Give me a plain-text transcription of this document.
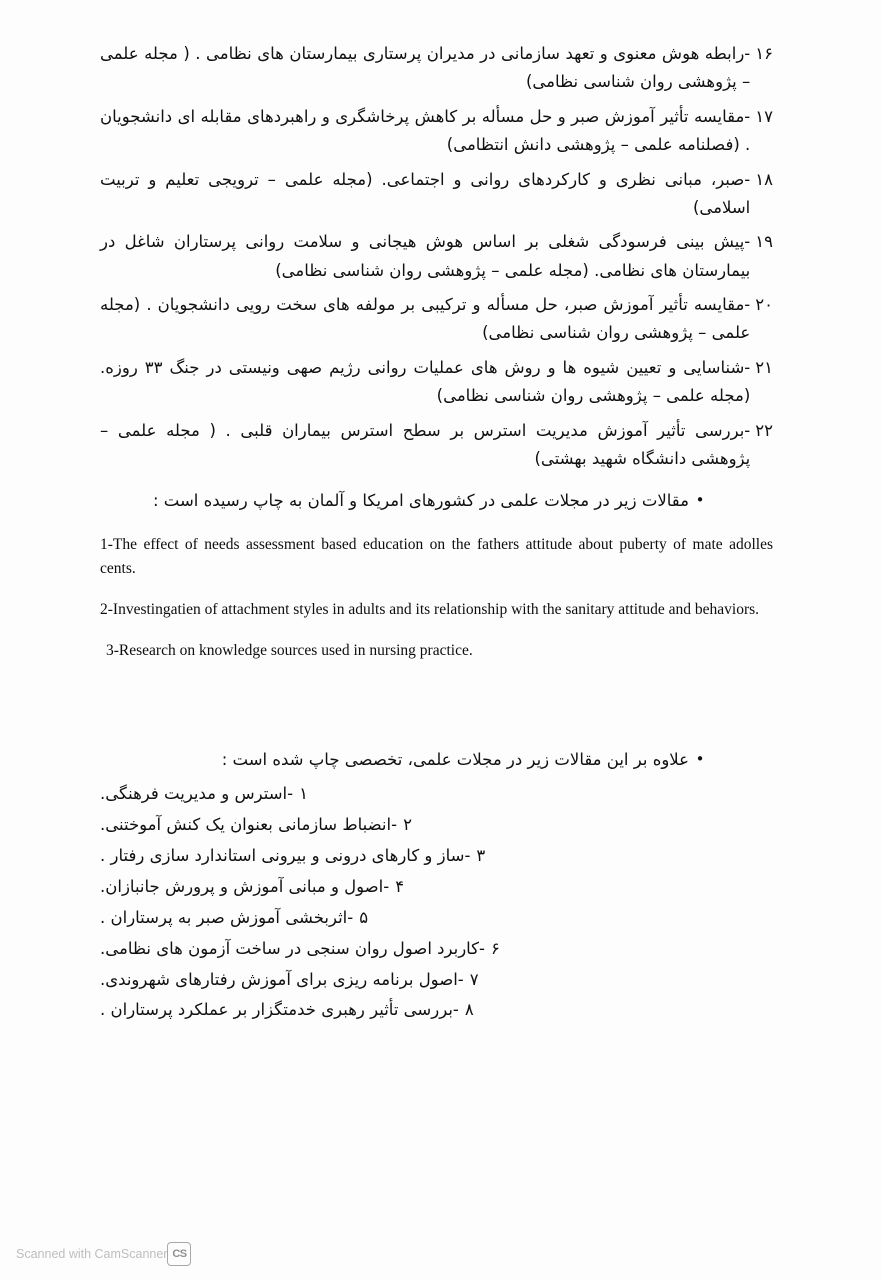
۱۶
-رابطه هوش معنوی و تعهد سازمانی در مدیران پرستاری بیمارستان های نظامی . ( مجله علمی – پژوهشی روان شناسی نظامی)
۱۷
-مقایسه تأثیر آموزش صبر و حل مسأله بر کاهش پرخاشگری و راهبردهای مقابله ای دانشجویان . (فصلنامه علمی – پژوهشی دانش انتظامی)
۱۸
-صبر، مبانی نظری و کارکردهای روانی و اجتماعی. (مجله علمی – ترویجی تعلیم و تربیت اسلامی)
۱۹
-پیش بینی فرسودگی شغلی بر اساس هوش هیجانی و سلامت روانی پرستاران شاغل در بیمارستان های نظامی. (مجله علمی – پژوهشی روان شناسی نظامی)
۲۰
-مقایسه تأثیر آموزش صبر، حل مسأله و ترکیبی بر مولفه های سخت رویی دانشجویان . (مجله علمی – پژوهشی روان شناسی نظامی)
۲۱
-شناسایی و تعیین شیوه ها و روش های عملیات روانی رژیم صهی ونیستی در جنگ ۳۳ روزه.(مجله علمی – پژوهشی روان شناسی نظامی)
۲۲
-بررسی تأثیر آموزش مدیریت استرس بر سطح استرس بیماران قلبی . ( مجله علمی – پژوهشی دانشگاه شهید بهشتی)
•
مقالات زیر در مجلات علمی در کشورهای امریکا و آلمان به چاپ رسیده است :
1-The effect of needs assessment based education on the fathers attitude about puberty of mate adolles cents.
2-Investingatien of attachment styles in adults and its relationship with the sanitary attitude and behaviors.
3-Research on knowledge sources used in nursing practice.
•
علاوه بر این مقالات زیر در مجلات علمی، تخصصی چاپ شده است :
۱
-استرس و مدیریت فرهنگی.
۲
-انضباط سازمانی بعنوان یک کنش آموختنی.
۳
-ساز و کارهای درونی و بیرونی استاندارد سازی رفتار .
۴
-اصول و مبانی آموزش و پرورش جانبازان.
۵
-اثربخشی آموزش صبر به پرستاران .
۶
-کاربرد اصول روان سنجی در ساخت آزمون های نظامی.
۷
-اصول برنامه ریزی برای آموزش رفتارهای شهروندی.
۸
-بررسی تأثیر رهبری خدمتگزار بر عملکرد پرستاران .
CS
Scanned with CamScanner
